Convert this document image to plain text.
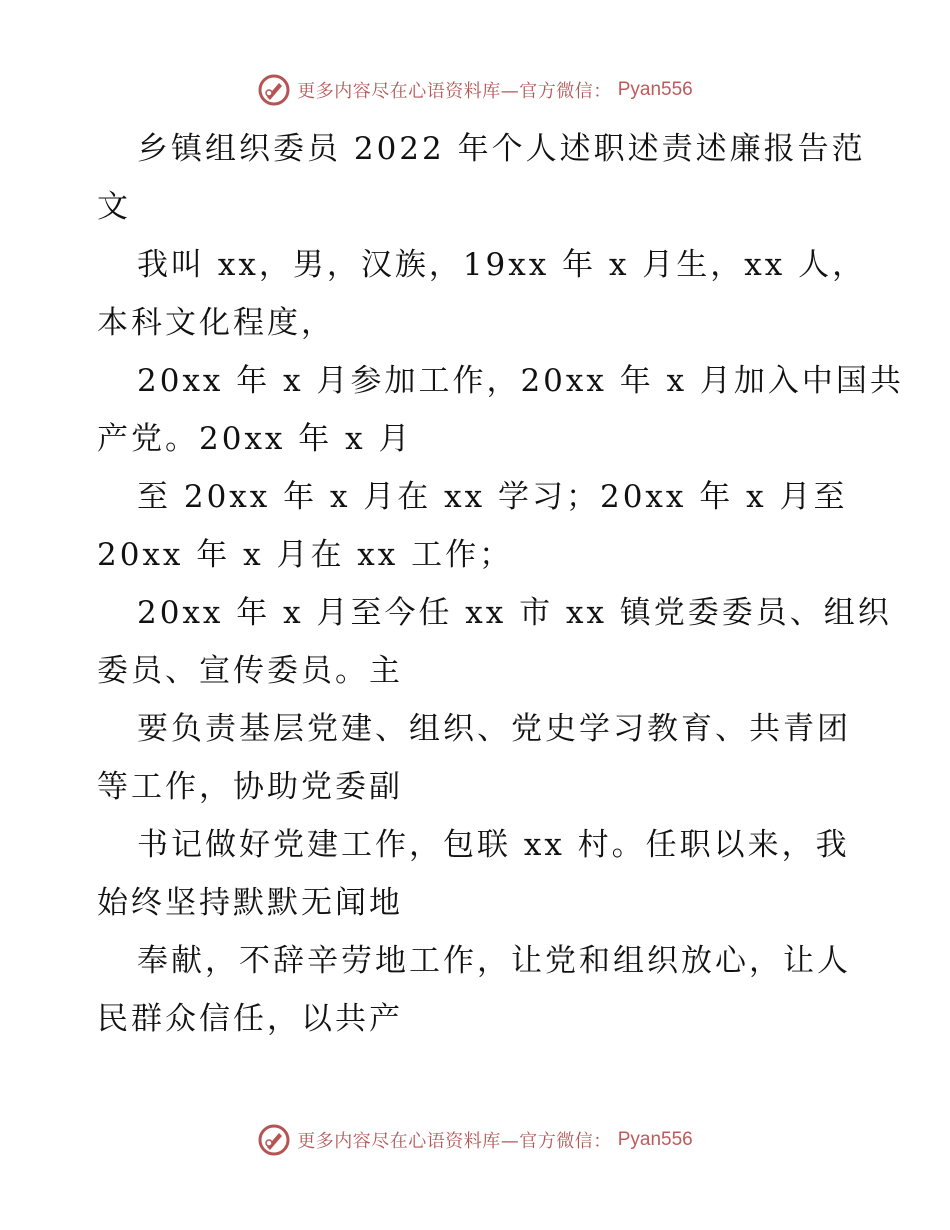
更多内容尽在心语资料库—官方微信： Pyan556

乡镇组织委员 2022 年个人述职述责述廉报告范
文

我叫 xx，男，汉族，19xx 年 x 月生，xx 人，
本科文化程度，

20xx 年 x 月参加工作，20xx 年 x 月加入中国共
产党。20xx 年 x 月

至 20xx 年 x 月在 xx 学习；20xx 年 x 月至
20xx 年 x 月在 xx 工作；

20xx 年 x 月至今任 xx 市 xx 镇党委委员、组织
委员、宣传委员。主

要负责基层党建、组织、党史学习教育、共青团
等工作，协助党委副

书记做好党建工作，包联 xx 村。任职以来，我
始终坚持默默无闻地

奉献，不辞辛劳地工作，让党和组织放心，让人
民群众信任，以共产

更多内容尽在心语资料库—官方微信： Pyan556
